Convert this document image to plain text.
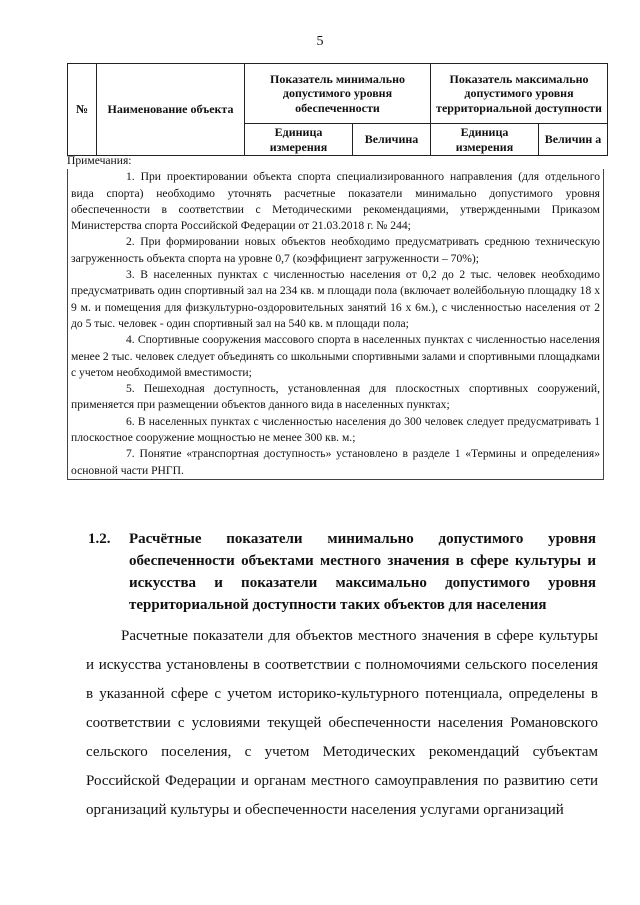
5
№	Наименование объекта	Показатель минимально допустимого уровня обеспеченности		Показатель максимально допустимого уровня территориальной доступности	
		Единица измерения	Величина	Единица измерения	Величин а

Примечания:

1. При проектировании объекта спорта специализированного направления (для отдельного вида спорта) необходимо уточнять расчетные показатели минимально допустимого уровня обеспеченности в соответствии с Методическими рекомендациями, утвержденными Приказом Министерства спорта Российской Федерации от 21.03.2018 г. № 244;

2. При формировании новых объектов необходимо предусматривать среднюю техническую загруженность объекта спорта на уровне 0,7 (коэффициент загруженности – 70%);

3. В населенных пунктах с численностью населения от 0,2 до 2 тыс. человек необходимо предусматривать один спортивный зал на 234 кв. м площади пола (включает волейбольную площадку 18 х 9 м. и помещения для физкультурно-оздоровительных занятий 16 х 6м.), с численностью населения от 2 до 5 тыс. человек - один спортивный зал на 540 кв. м площади пола;

4. Спортивные сооружения массового спорта в населенных пунктах с численностью населения менее 2 тыс. человек следует объединять со школьными спортивными залами и спортивными площадками с учетом необходимой вместимости;

5. Пешеходная доступность, установленная для плоскостных спортивных сооружений, применяется при размещении объектов данного вида в населенных пунктах;

6. В населенных пунктах с численностью населения до 300 человек следует предусматривать 1 плоскостное сооружение мощностью не менее 300 кв. м.;

7. Понятие «транспортная доступность» установлено в разделе 1 «Термины и определения» основной части РНГП.

1.2. Расчётные показатели минимально допустимого уровня обеспеченности объектами местного значения в сфере культуры и искусства и показатели максимально допустимого уровня
территориальной доступности таких объектов для населения

Расчетные показатели для объектов местного значения в сфере культуры и искусства установлены в соответствии с полномочиями сельского поселения в указанной сфере с учетом историко-культурного потенциала, определены в соответствии с условиями текущей обеспеченности населения Романовского сельского поселения, с учетом Методических рекомендаций субъектам Российской Федерации и органам местного самоуправления по развитию сети организаций культуры и обеспеченности населения услугами организаций
